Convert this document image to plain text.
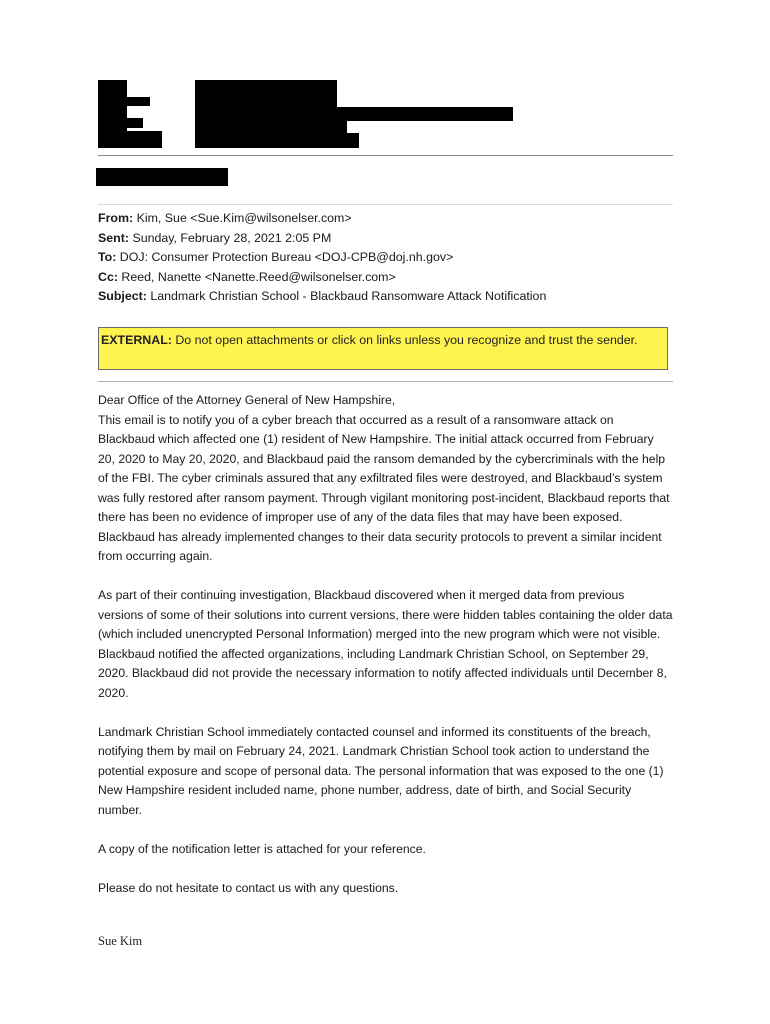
From: Kim, Sue <Sue.Kim@wilsonelser.com>
Sent: Sunday, February 28, 2021 2:05 PM
To: DOJ: Consumer Protection Bureau <DOJ-CPB@doj.nh.gov>
Cc: Reed, Nanette <Nanette.Reed@wilsonelser.com>
Subject: Landmark Christian School - Blackbaud Ransomware Attack Notification
EXTERNAL: Do not open attachments or click on links unless you recognize and trust the sender.

Dear Office of the Attorney General of New Hampshire,

This email is to notify you of a cyber breach that occurred as a result of a ransomware attack on Blackbaud which affected one (1) resident of New Hampshire. The initial attack occurred from February 20, 2020 to May 20, 2020, and Blackbaud paid the ransom demanded by the cybercriminals with the help of the FBI. The cyber criminals assured that any exfiltrated files were destroyed, and Blackbaud’s system was fully restored after ransom payment. Through vigilant monitoring post-incident, Blackbaud reports that there has been no evidence of improper use of any of the data files that may have been exposed. Blackbaud has already implemented changes to their data security protocols to prevent a similar incident from occurring again.

As part of their continuing investigation, Blackbaud discovered when it merged data from previous versions of some of their solutions into current versions, there were hidden tables containing the older data (which included unencrypted Personal Information) merged into the new program which were not visible. Blackbaud notified the affected organizations, including Landmark Christian School, on September 29, 2020. Blackbaud did not provide the necessary information to notify affected individuals until December 8, 2020.

Landmark Christian School immediately contacted counsel and informed its constituents of the breach, notifying them by mail on February 24, 2021. Landmark Christian School took action to understand the potential exposure and scope of personal data. The personal information that was exposed to the one (1) New Hampshire resident included name, phone number, address, date of birth, and Social Security number.

A copy of the notification letter is attached for your reference.

Please do not hesitate to contact us with any questions.

Sue Kim
